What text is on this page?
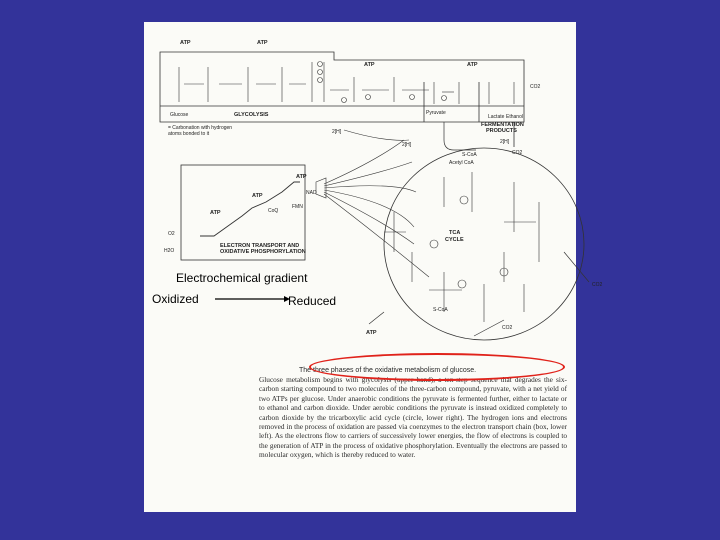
ATP	ATP
ATP	ATP
Glucose	GLYCOLYSIS	Pyruvate
Lactate Ethanol
CO2
FERMENTATION
PRODUCTS
= Carbonation with hydrogen
atoms bonded to it	2[H]
2[H]
2[H]
S-CoA
Acetyl CoA
CO2
TCA
CYCLE
CO2
CO2
S-CoA
ATP
ATP
NAD
FMN
ATP
CoQ
ATP
O2
H2O
ELECTRON TRANSPORT AND
OXIDATIVE PHOSPHORYLATION
The three phases of the oxidative metabolism of glucose.
Glucose metabolism begins with glycolysis (upper band), a ten-step sequence that degrades the six-carbon starting compound to two molecules of the three-carbon compound, pyruvate, with a net yield of two ATPs per glucose. Under anaerobic conditions the pyruvate is fermented further, either to lactate or to ethanol and carbon dioxide. Under aerobic conditions the pyruvate is instead oxidized completely to carbon dioxide by the tricarboxylic acid cycle (circle, lower right). The hydrogen ions and electrons removed in the process of oxidation are passed via coenzymes to the electron transport chain (box, lower left). As the electrons flow to carriers of successively lower energies, the flow of electrons is coupled to the generation of ATP in the process of oxidative phosphorylation. Eventually the electrons are passed to molecular oxygen, which is thereby reduced to water.
Electrochemical gradient
Oxidized	Reduced
